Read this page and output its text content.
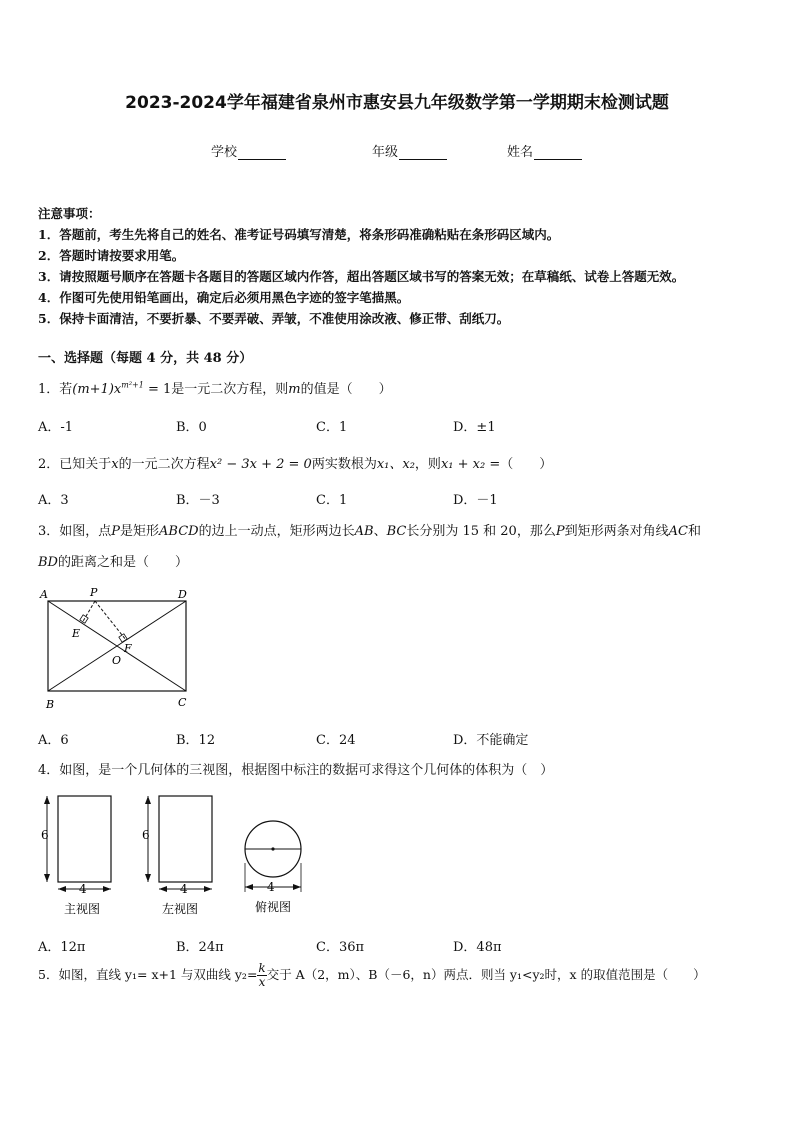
2023-2024学年福建省泉州市惠安县九年级数学第一学期期末检测试题
学校	年级	姓名
注意事项：
1．答题前，考生先将自己的姓名、准考证号码填写清楚，将条形码准确粘贴在条形码区域内。
2．答题时请按要求用笔。
3．请按照题号顺序在答题卡各题目的答题区域内作答，超出答题区域书写的答案无效；在草稿纸、试卷上答题无效。
4．作图可先使用铅笔画出，确定后必须用黑色字迹的签字笔描黑。
5．保持卡面清洁，不要折暴、不要弄破、弄皱，不准使用涂改液、修正带、刮纸刀。
一、选择题（每题 4 分，共 48 分）
1．若$(m+1)x^{m^2+1} = 1$是一元二次方程，则m的值是（　　）
A．-1	B．0	C．1	D．±1
2．已知关于x的一元二次方程x² − 3x + 2 = 0两实数根为x₁、x₂，则x₁ + x₂ =（　　）
A．3	B．－3	C．1	D．－1
3．如图，点P是矩形ABCD的边上一动点，矩形两边长AB、BC长分别为 15 和 20，那么P到矩形两条对角线AC和
BD的距离之和是（　　）
A	P	D
E
F
O
B	C
A．6	B．12	C．24	D．不能确定
4．如图，是一个几何体的三视图，根据图中标注的数据可求得这个几何体的体积为（　）
6
4
主视图
6
4
左视图
4
俯视图
A．12π	B．24π	C．36π	D．48π
5．如图，直线 y₁= x+1 与双曲线 $y_2= \frac{k}{x}$ 交于 A（2，m）、B（－6，n）两点．则当 y₁<y₂时，x 的取值范围是（　　）
